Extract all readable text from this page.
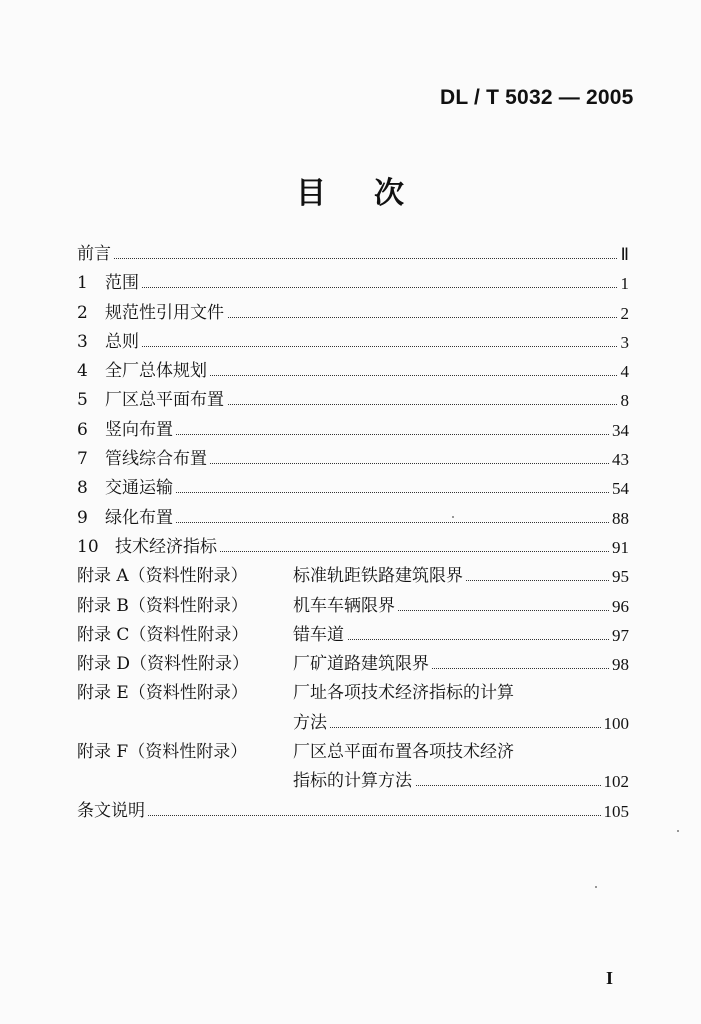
DL / T 5032 — 2005
目 次
前言	Ⅱ
1 范围	1
2 规范性引用文件	2
3 总则	3
4 全厂总体规划	4
5 厂区总平面布置	8
6 竖向布置	34
7 管线综合布置	43
8 交通运输	54
9 绿化布置	88
10 技术经济指标	91
附录 A（资料性附录）	标准轨距铁路建筑限界	95
附录 B（资料性附录）	机车车辆限界	96
附录 C（资料性附录）	错车道	97
附录 D（资料性附录）	厂矿道路建筑限界	98
附录 E（资料性附录）	厂址各项技术经济指标的计算
方法	100
附录 F（资料性附录）	厂区总平面布置各项技术经济
指标的计算方法	102
条文说明	105
I
